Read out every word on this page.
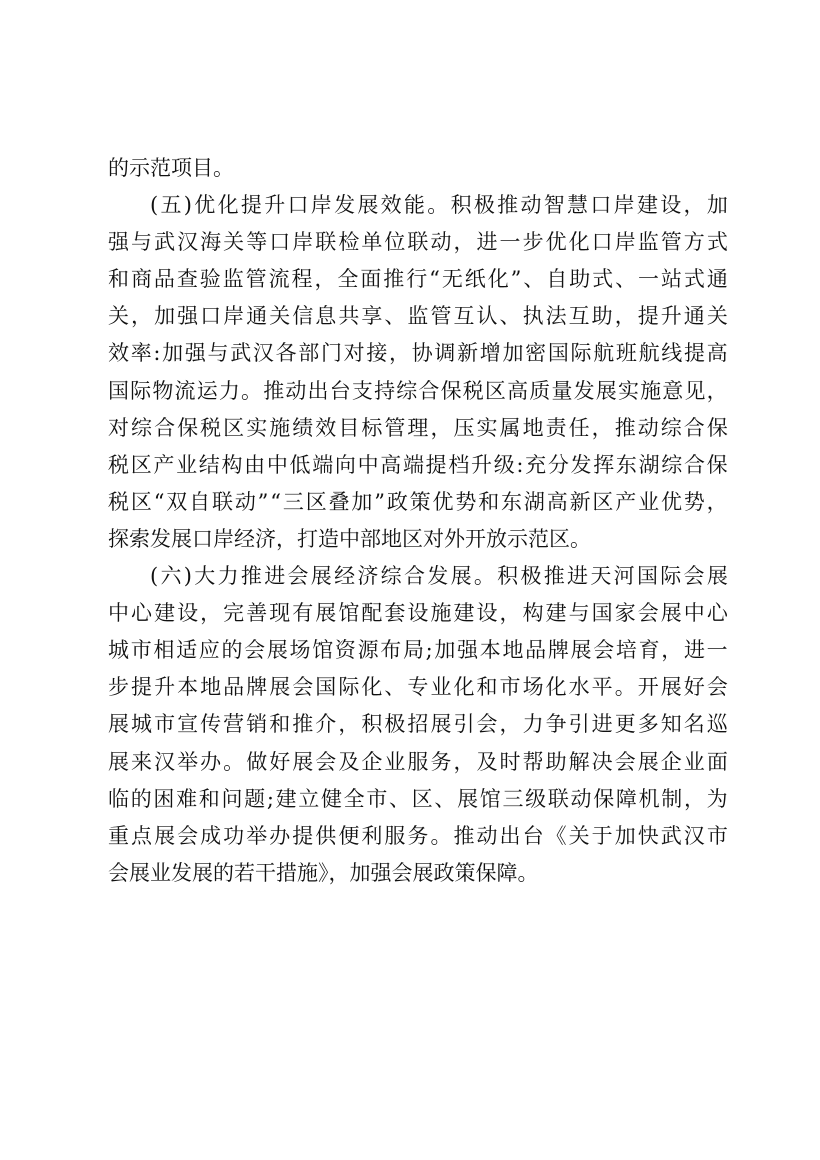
的示范项目。
( 五 ) 优 化 提 升 口 岸 发 展 效 能 。 积 极 推 动 智 慧 口 岸 建 设 ， 加
强 与 武 汉 海 关 等 口 岸 联 检 单 位 联 动 ， 进 一 步 优 化 口 岸 监 管 方 式
和 商 品 查 验 监 管 流 程 ， 全 面 推 行 “ 无 纸 化 ” 、 自 助 式 、 一 站 式 通
关 ， 加 强 口 岸 通 关 信 息 共 享 、 监 管 互 认 、 执 法 互 助 ， 提 升 通 关
效 率 : 加 强 与 武 汉 各 部 门 对 接 ， 协 调 新 增 加 密 国 际 航 班 航 线 提 高
国 际 物 流 运 力 。 推 动 出 台 支 持 综 合 保 税 区 高 质 量 发 展 实 施 意 见 ，
对 综 合 保 税 区 实 施 绩 效 目 标 管 理 ， 压 实 属 地 责 任 ， 推 动 综 合 保
税 区 产 业 结 构 由 中 低 端 向 中 高 端 提 档 升 级 : 充 分 发 挥 东 湖 综 合 保
税 区 “ 双 自 联 动 ” “ 三 区 叠 加 ” 政 策 优 势 和 东 湖 高 新 区 产 业 优 势 ，
探索发展口岸经济，打造中部地区对外开放示范区。
( 六 ) 大 力 推 进 会 展 经 济 综 合 发 展 。 积 极 推 进 天 河 国 际 会 展
中 心 建 设 ， 完 善 现 有 展 馆 配 套 设 施 建 设 ， 构 建 与 国 家 会 展 中 心
城 市 相 适 应 的 会 展 场 馆 资 源 布 局 ; 加 强 本 地 品 牌 展 会 培 育 ， 进 一
步 提 升 本 地 品 牌 展 会 国 际 化 、 专 业 化 和 市 场 化 水 平 。 开 展 好 会
展 城 市 宣 传 营 销 和 推 介 ， 积 极 招 展 引 会 ， 力 争 引 进 更 多 知 名 巡
展 来 汉 举 办 。 做 好 展 会 及 企 业 服 务 ， 及 时 帮 助 解 决 会 展 企 业 面
临 的 困 难 和 问 题 ; 建 立 健 全 市 、 区 、 展 馆 三 级 联 动 保 障 机 制 ， 为
重 点 展 会 成 功 举 办 提 供 便 利 服 务 。 推 动 出 台 《 关 于 加 快 武 汉 市
会展业发展的若干措施》，加强会展政策保障。
